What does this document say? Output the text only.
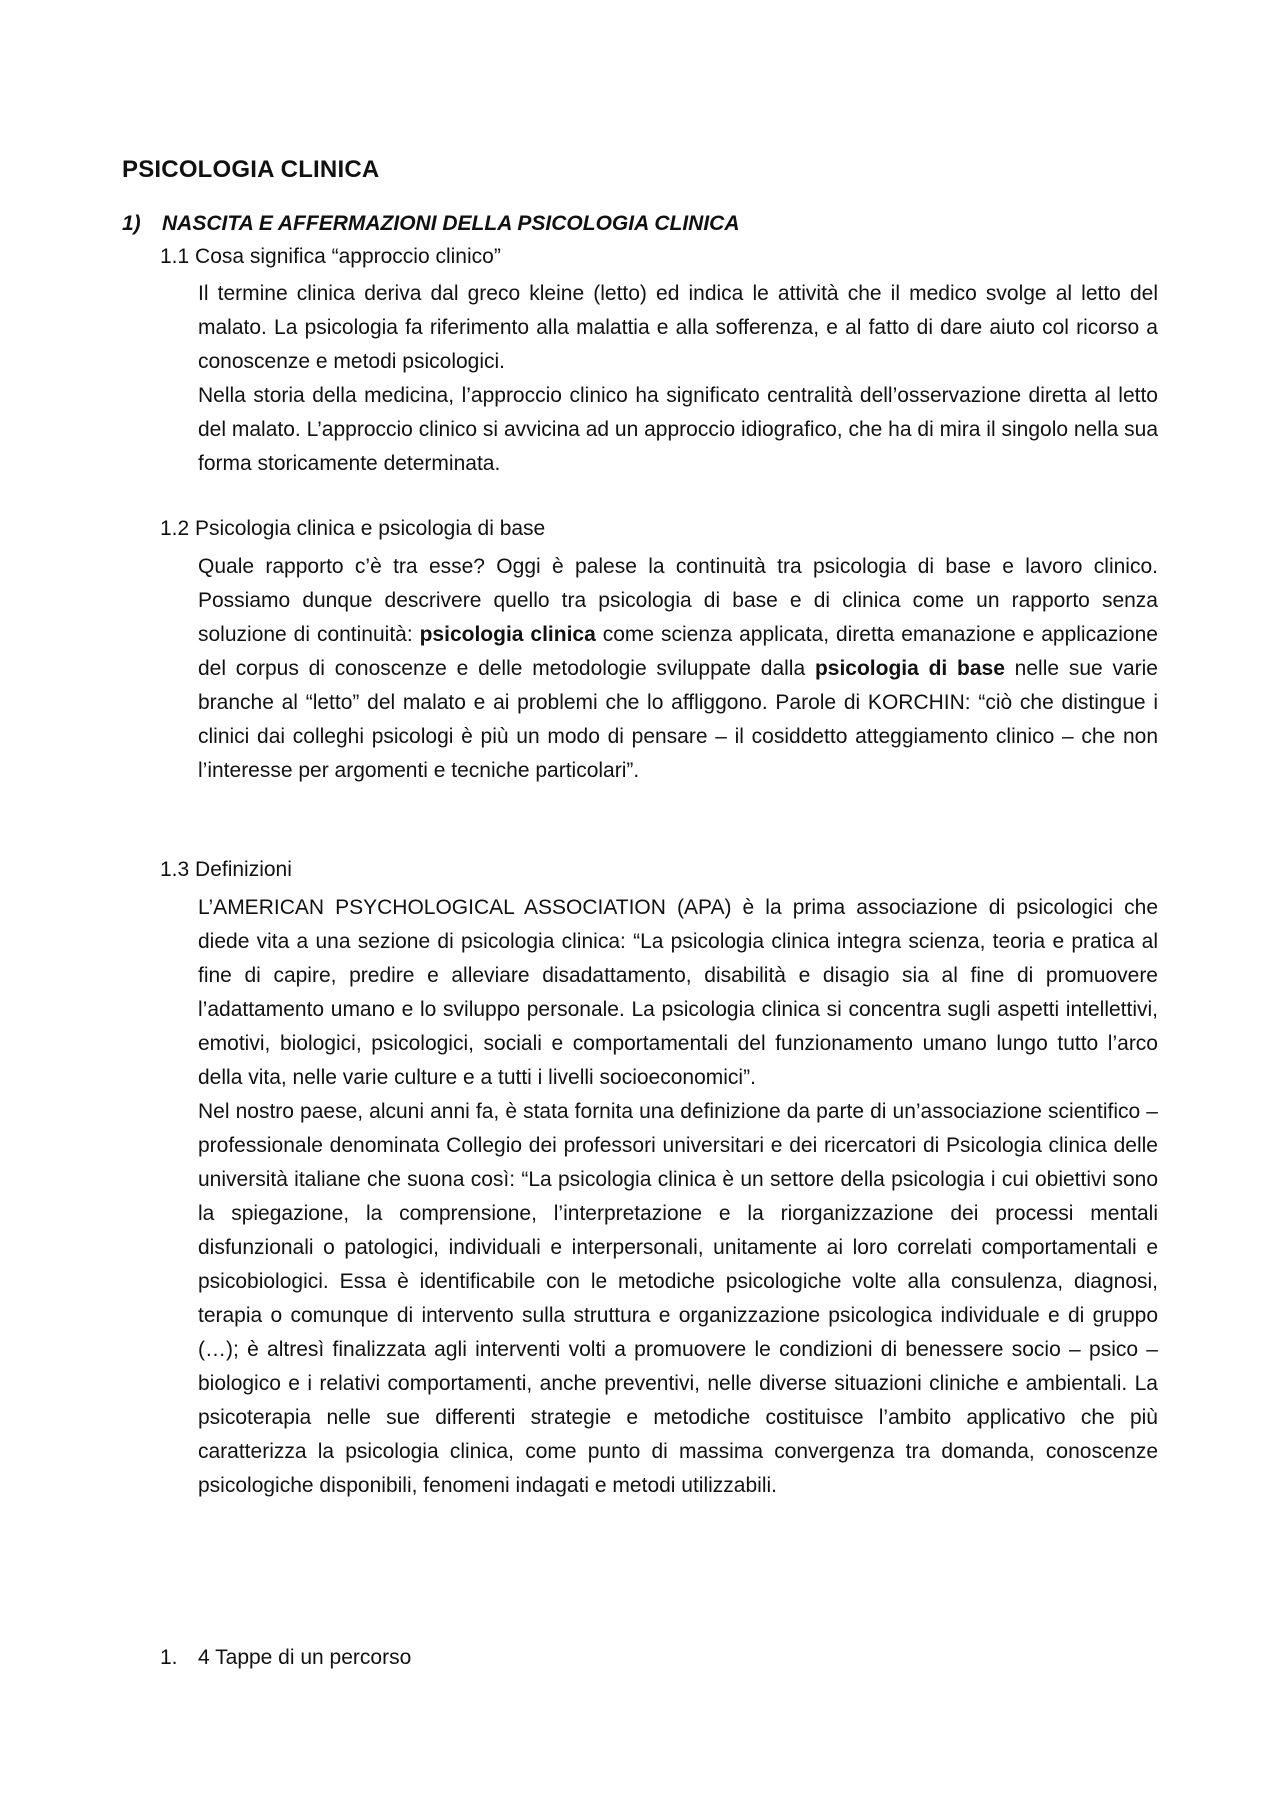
PSICOLOGIA CLINICA
1) NASCITA E AFFERMAZIONI DELLA PSICOLOGIA CLINICA
1.1 Cosa significa “approccio clinico”

Il termine clinica deriva dal greco kleine (letto) ed indica le attività che il medico svolge al letto del malato. La psicologia fa riferimento alla malattia e alla sofferenza, e al fatto di dare aiuto col ricorso a conoscenze e metodi psicologici.

Nella storia della medicina, l’approccio clinico ha significato centralità dell’osservazione diretta al letto del malato. L’approccio clinico si avvicina ad un approccio idiografico, che ha di mira il singolo nella sua forma storicamente determinata.

1.2 Psicologia clinica e psicologia di base

Quale rapporto c’è tra esse? Oggi è palese la continuità tra psicologia di base e lavoro clinico. Possiamo dunque descrivere quello tra psicologia di base e di clinica come un rapporto senza soluzione di continuità: psicologia clinica come scienza applicata, diretta emanazione e applicazione del corpus di conoscenze e delle metodologie sviluppate dalla psicologia di base nelle sue varie branche al “letto” del malato e ai problemi che lo affliggono. Parole di KORCHIN: “ciò che distingue i clinici dai colleghi psicologi è più un modo di pensare – il cosiddetto atteggiamento clinico – che non l’interesse per argomenti e tecniche particolari”.

1.3 Definizioni

L’AMERICAN PSYCHOLOGICAL ASSOCIATION (APA) è la prima associazione di psicologici che diede vita a una sezione di psicologia clinica: “La psicologia clinica integra scienza, teoria e pratica al fine di capire, predire e alleviare disadattamento, disabilità e disagio sia al fine di promuovere l’adattamento umano e lo sviluppo personale. La psicologia clinica si concentra sugli aspetti intellettivi, emotivi, biologici, psicologici, sociali e comportamentali del funzionamento umano lungo tutto l’arco della vita, nelle varie culture e a tutti i livelli socioeconomici”.

Nel nostro paese, alcuni anni fa, è stata fornita una definizione da parte di un’associazione scientifico – professionale denominata Collegio dei professori universitari e dei ricercatori di Psicologia clinica delle università italiane che suona così: “La psicologia clinica è un settore della psicologia i cui obiettivi sono la spiegazione, la comprensione, l’interpretazione e la riorganizzazione dei processi mentali disfunzionali o patologici, individuali e interpersonali, unitamente ai loro correlati comportamentali e psicobiologici. Essa è identificabile con le metodiche psicologiche volte alla consulenza, diagnosi, terapia o comunque di intervento sulla struttura e organizzazione psicologica individuale e di gruppo (…); è altresì finalizzata agli interventi volti a promuovere le condizioni di benessere socio – psico – biologico e i relativi comportamenti, anche preventivi, nelle diverse situazioni cliniche e ambientali. La psicoterapia nelle sue differenti strategie e metodiche costituisce l’ambito applicativo che più caratterizza la psicologia clinica, come punto di massima convergenza tra domanda, conoscenze psicologiche disponibili, fenomeni indagati e metodi utilizzabili.

1. 4 Tappe di un percorso
